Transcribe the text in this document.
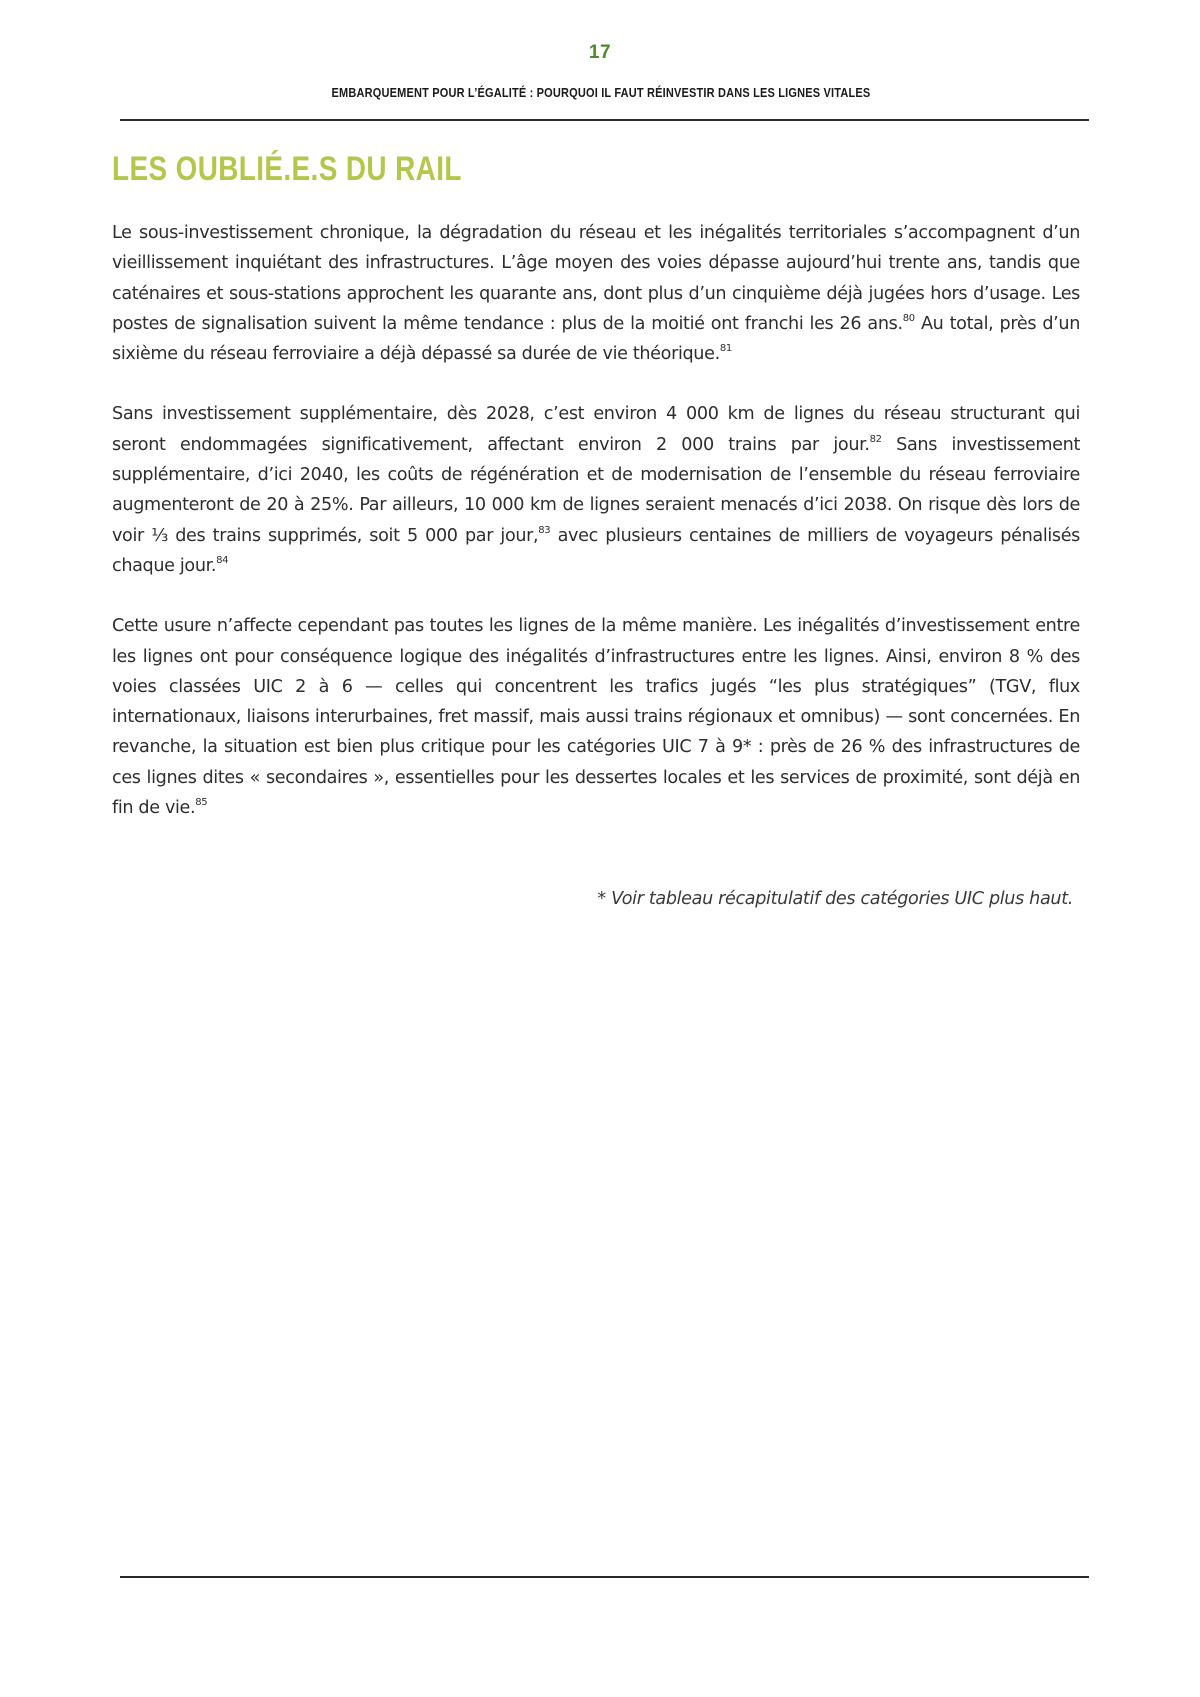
17
EMBARQUEMENT POUR L’ÉGALITÉ : POURQUOI IL FAUT RÉINVESTIR DANS LES LIGNES VITALES
LES OUBLIÉ.E.S DU RAIL

Le sous-investissement chronique, la dégradation du réseau et les inégalités territoriales s’accompagnent d’un vieillissement inquiétant des infrastructures. L’âge moyen des voies dépasse aujourd’hui trente ans, tandis que caténaires et sous-stations approchent les quarante ans, dont plus d’un cinquième déjà jugées hors d’usage. Les postes de signalisation suivent la même tendance : plus de la moitié ont franchi les 26 ans.$^{80}$ Au total, près d’un sixième du réseau ferroviaire a déjà dépassé sa durée de vie théorique.$^{81}$

Sans investissement supplémentaire, dès 2028, c’est environ 4 000 km de lignes du réseau structurant qui seront endommagées significativement, affectant environ 2 000 trains par jour.$^{82}$ Sans investissement supplémentaire, d’ici 2040, les coûts de régénération et de modernisation de l’ensemble du réseau ferroviaire augmenteront de 20 à 25%. Par ailleurs, 10 000 km de lignes seraient menacés d’ici 2038. On risque dès lors de voir ⅓ des trains supprimés, soit 5 000 par jour,$^{83}$ avec plusieurs centaines de milliers de voyageurs pénalisés chaque jour.$^{84}$

Cette usure n’affecte cependant pas toutes les lignes de la même manière. Les inégalités d’investissement entre les lignes ont pour conséquence logique des inégalités d’infrastructures entre les lignes. Ainsi, environ 8 % des voies classées UIC 2 à 6 — celles qui concentrent les trafics jugés “les plus stratégiques” (TGV, flux internationaux, liaisons interurbaines, fret massif, mais aussi trains régionaux et omnibus) — sont concernées. En revanche, la situation est bien plus critique pour les catégories UIC 7 à 9* : près de 26 % des infrastructures de ces lignes dites « secondaires », essentielles pour les dessertes locales et les services de proximité, sont déjà en fin de vie.$^{85}$

* Voir tableau récapitulatif des catégories UIC plus haut.
